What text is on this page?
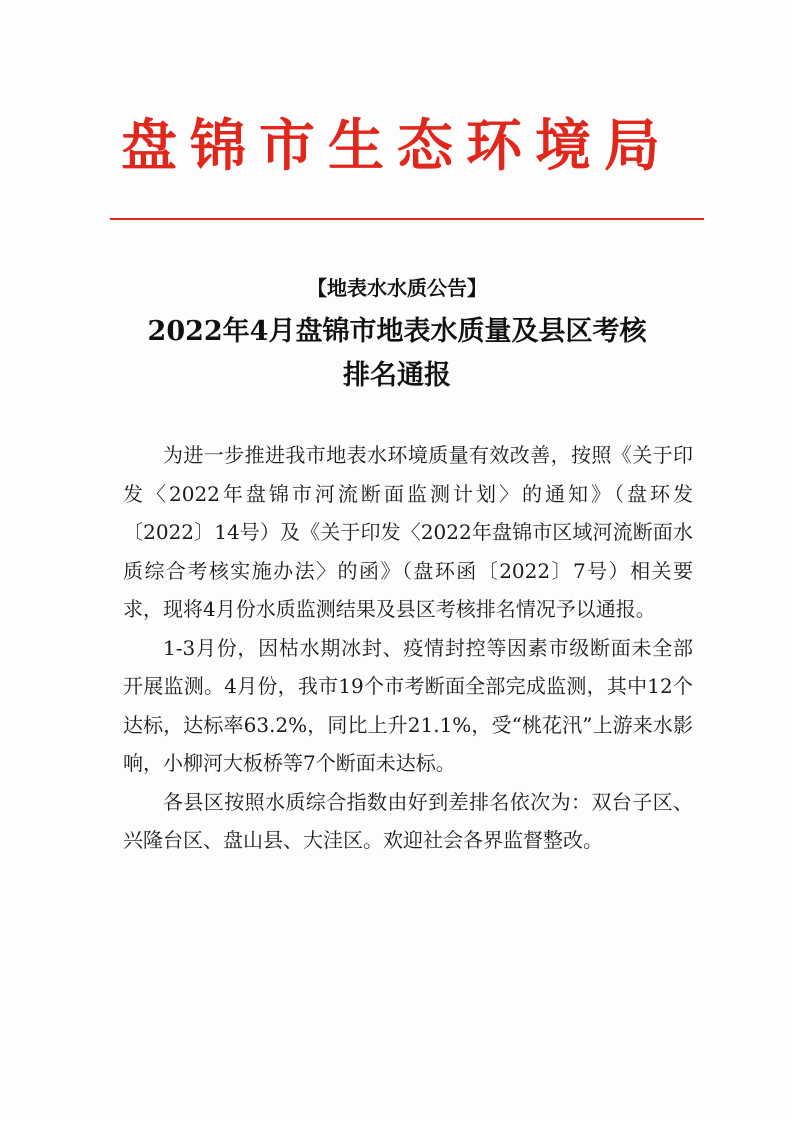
盘锦市生态环境局
【地表水水质公告】
2022年4月盘锦市地表水质量及县区考核
排名通报

为进一步推进我市地表水环境质量有效改善，按照《关于印发〈2022年盘锦市河流断面监测计划〉的通知》（盘环发〔2022〕14号）及《关于印发〈2022年盘锦市区域河流断面水质综合考核实施办法〉的函》（盘环函〔2022〕7号）相关要求，现将4月份水质监测结果及县区考核排名情况予以通报。

1-3月份，因枯水期冰封、疫情封控等因素市级断面未全部开展监测。4月份，我市19个市考断面全部完成监测，其中12个达标，达标率63.2%，同比上升21.1%，受“桃花汛”上游来水影响，小柳河大板桥等7个断面未达标。

各县区按照水质综合指数由好到差排名依次为：双台子区、兴隆台区、盘山县、大洼区。欢迎社会各界监督整改。
